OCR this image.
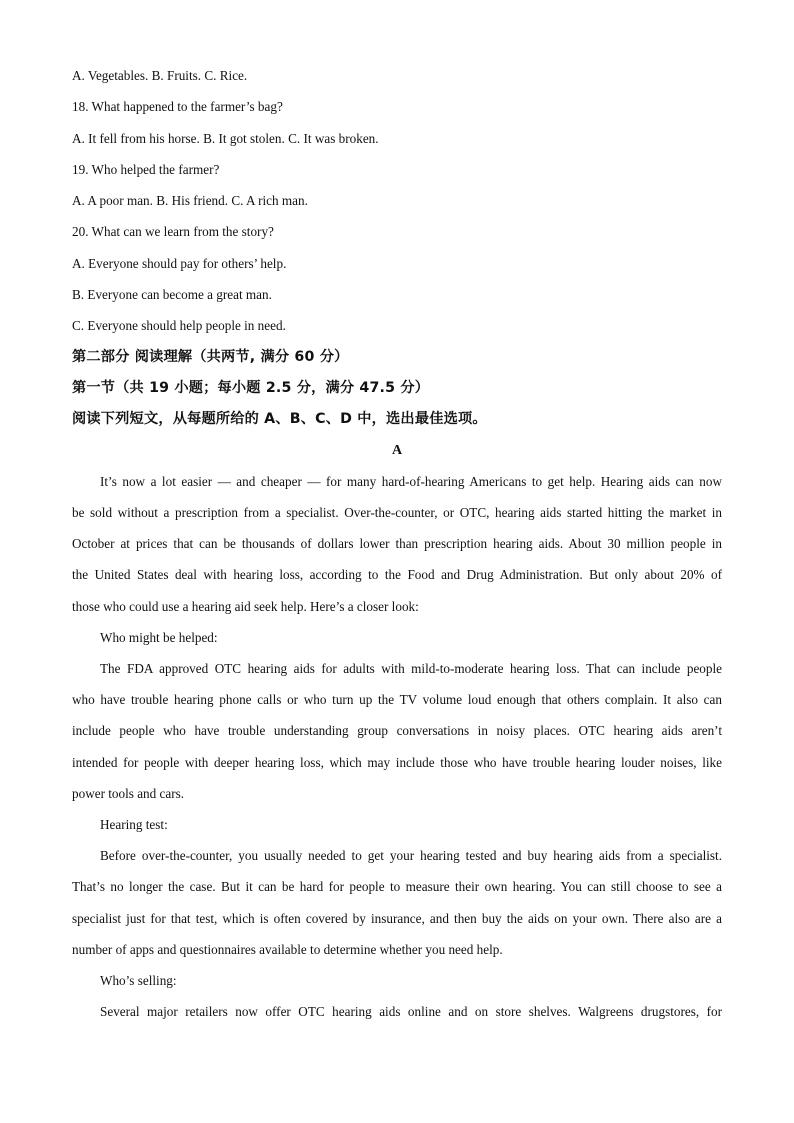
A. Vegetables. B. Fruits. C. Rice.
18. What happened to the farmer’s bag?
A. It fell from his horse. B. It got stolen. C. It was broken.
19. Who helped the farmer?
A. A poor man. B. His friend. C. A rich man.
20. What can we learn from the story?
A. Everyone should pay for others’ help.
B. Everyone can become a great man.
C. Everyone should help people in need.
第二部分 阅读理解（共两节, 满分 60 分）
第一节（共 19 小题；每小题 2.5 分，满分 47.5 分）
阅读下列短文，从每题所给的 A、B、C、D 中，选出最佳选项。
A
It’s now a lot easier — and cheaper — for many hard-of-hearing Americans to get help. Hearing aids can now
be sold without a prescription from a specialist. Over-the-counter, or OTC, hearing aids started hitting the market in
October at prices that can be thousands of dollars lower than prescription hearing aids. About 30 million people in
the United States deal with hearing loss, according to the Food and Drug Administration. But only about 20% of
those who could use a hearing aid seek help. Here’s a closer look:
Who might be helped:
The FDA approved OTC hearing aids for adults with mild-to-moderate hearing loss. That can include people
who have trouble hearing phone calls or who turn up the TV volume loud enough that others complain. It also can
include people who have trouble understanding group conversations in noisy places. OTC hearing aids aren’t
intended for people with deeper hearing loss, which may include those who have trouble hearing louder noises, like
power tools and cars.
Hearing test:
Before over-the-counter, you usually needed to get your hearing tested and buy hearing aids from a specialist.
That’s no longer the case. But it can be hard for people to measure their own hearing. You can still choose to see a
specialist just for that test, which is often covered by insurance, and then buy the aids on your own. There also are a
number of apps and questionnaires available to determine whether you need help.
Who’s selling:
Several major retailers now offer OTC hearing aids online and on store shelves. Walgreens drugstores, for
